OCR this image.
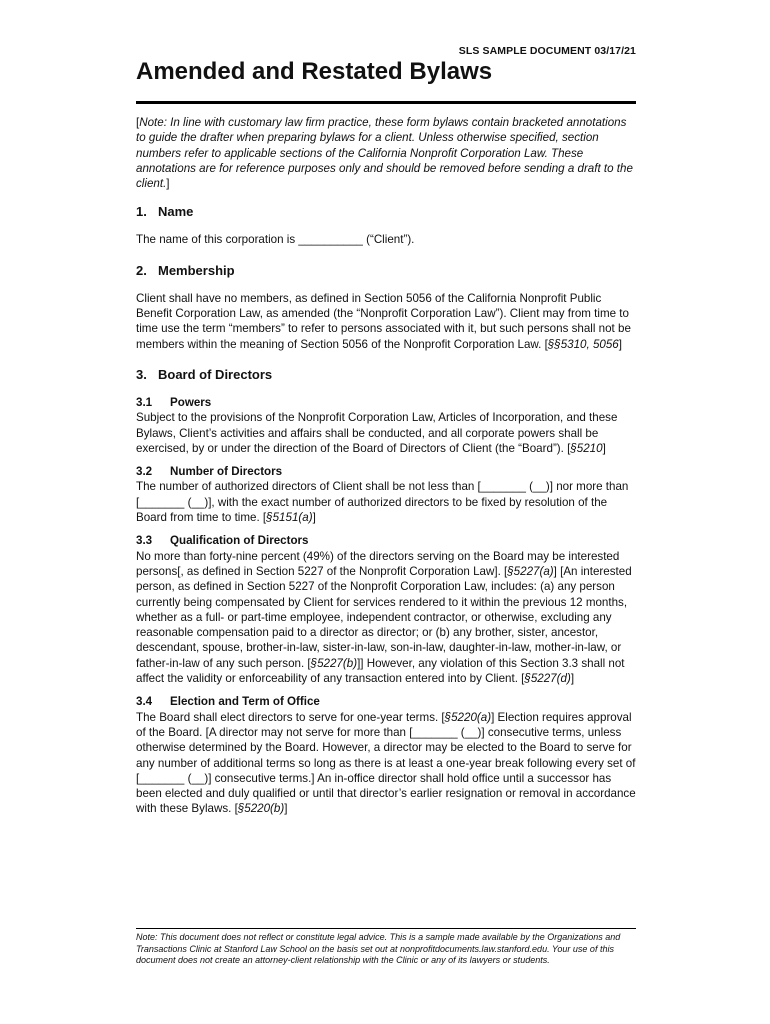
SLS SAMPLE DOCUMENT 03/17/21
Amended and Restated Bylaws

[Note: In line with customary law firm practice, these form bylaws contain bracketed annotations to guide the drafter when preparing bylaws for a client. Unless otherwise specified, section numbers refer to applicable sections of the California Nonprofit Corporation Law. These annotations are for reference purposes only and should be removed before sending a draft to the client.]

1. Name

The name of this corporation is __________ (“Client”).

2. Membership

Client shall have no members, as defined in Section 5056 of the California Nonprofit Public Benefit Corporation Law, as amended (the “Nonprofit Corporation Law”). Client may from time to time use the term “members” to refer to persons associated with it, but such persons shall not be members within the meaning of Section 5056 of the Nonprofit Corporation Law. [§§5310, 5056]

3. Board of Directors
3.1 Powers

Subject to the provisions of the Nonprofit Corporation Law, Articles of Incorporation, and these Bylaws, Client’s activities and affairs shall be conducted, and all corporate powers shall be exercised, by or under the direction of the Board of Directors of Client (the “Board”). [§5210]

3.2 Number of Directors

The number of authorized directors of Client shall be not less than [_______ (__)] nor more than [_______ (__)], with the exact number of authorized directors to be fixed by resolution of the Board from time to time. [§5151(a)]

3.3 Qualification of Directors

No more than forty-nine percent (49%) of the directors serving on the Board may be interested persons[, as defined in Section 5227 of the Nonprofit Corporation Law]. [§5227(a)] [An interested person, as defined in Section 5227 of the Nonprofit Corporation Law, includes: (a) any person currently being compensated by Client for services rendered to it within the previous 12 months, whether as a full- or part-time employee, independent contractor, or otherwise, excluding any reasonable compensation paid to a director as director; or (b) any brother, sister, ancestor, descendant, spouse, brother-in-law, sister-in-law, son-in-law, daughter-in-law, mother-in-law, or father-in-law of any such person. [§5227(b)]] However, any violation of this Section 3.3 shall not affect the validity or enforceability of any transaction entered into by Client. [§5227(d)]

3.4 Election and Term of Office

The Board shall elect directors to serve for one-year terms. [§5220(a)] Election requires approval of the Board. [A director may not serve for more than [_______ (__)] consecutive terms, unless otherwise determined by the Board. However, a director may be elected to the Board to serve for any number of additional terms so long as there is at least a one-year break following every set of [_______ (__)] consecutive terms.] An in-office director shall hold office until a successor has been elected and duly qualified or until that director’s earlier resignation or removal in accordance with these Bylaws. [§5220(b)]

Note: This document does not reflect or constitute legal advice. This is a sample made available by the Organizations and Transactions Clinic at Stanford Law School on the basis set out at nonprofitdocuments.law.stanford.edu. Your use of this document does not create an attorney-client relationship with the Clinic or any of its lawyers or students.
